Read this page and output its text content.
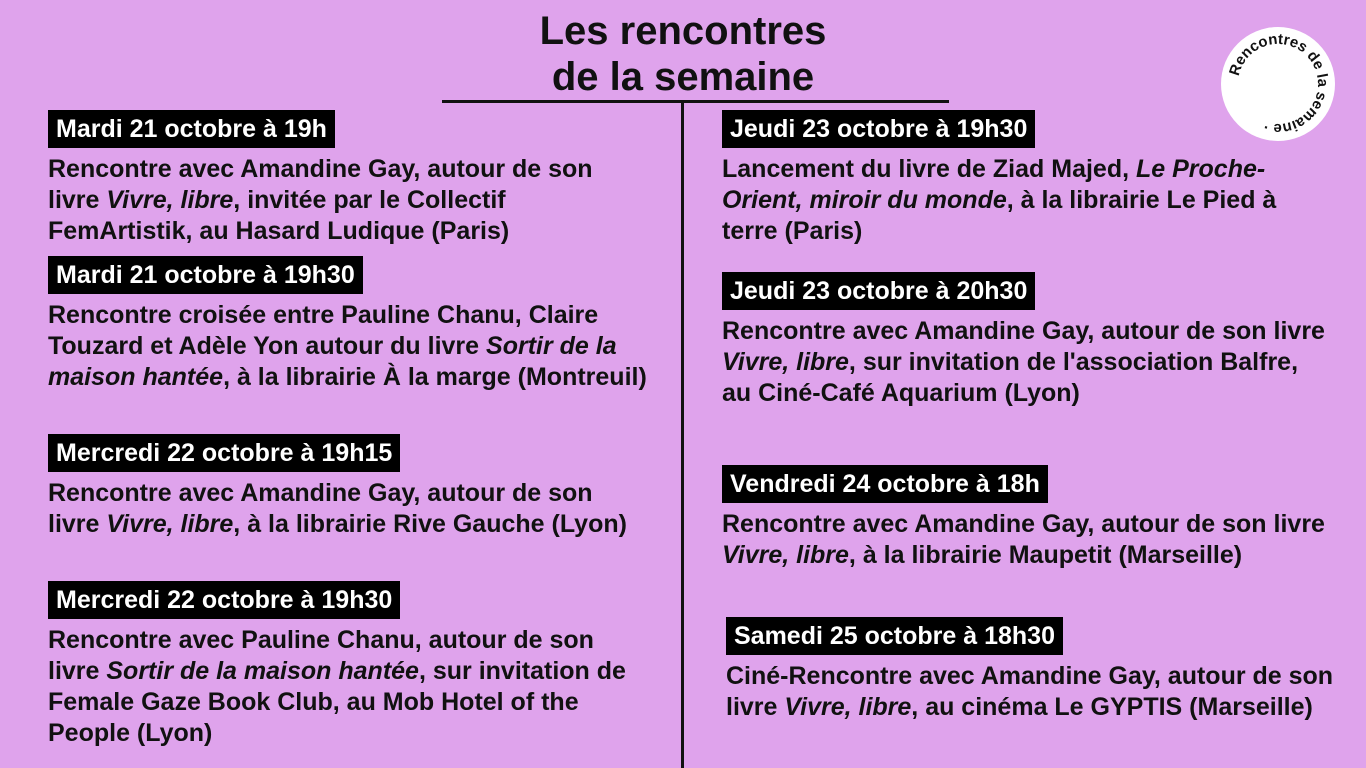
Les rencontres
de la semaine	Rencontres de la semaine ·
Mardi 21 octobre à 19h
Rencontre avec Amandine Gay, autour de son livre Vivre, libre, invitée par le Collectif FemArtistik, au Hasard Ludique (Paris)
Mardi 21 octobre à 19h30
Rencontre croisée entre Pauline Chanu, Claire Touzard et Adèle Yon autour du livre Sortir de la maison hantée, à la librairie À la marge (Montreuil)
Mercredi 22 octobre à 19h15
Rencontre avec Amandine Gay, autour de son livre Vivre, libre, à la librairie Rive Gauche (Lyon)
Mercredi 22 octobre à 19h30
Rencontre avec Pauline Chanu, autour de son livre Sortir de la maison hantée, sur invitation de Female Gaze Book Club, au Mob Hotel of the People (Lyon)
Jeudi 23 octobre à 19h30
Lancement du livre de Ziad Majed, Le Proche-Orient, miroir du monde, à la librairie Le Pied à terre (Paris)
Jeudi 23 octobre à 20h30
Rencontre avec Amandine Gay, autour de son livre Vivre, libre, sur invitation de l'association Balfre, au Ciné-Café Aquarium (Lyon)
Vendredi 24 octobre à 18h
Rencontre avec Amandine Gay, autour de son livre Vivre, libre, à la librairie Maupetit (Marseille)
Samedi 25 octobre à 18h30
Ciné-Rencontre avec Amandine Gay, autour de son livre Vivre, libre, au cinéma Le GYPTIS (Marseille)
